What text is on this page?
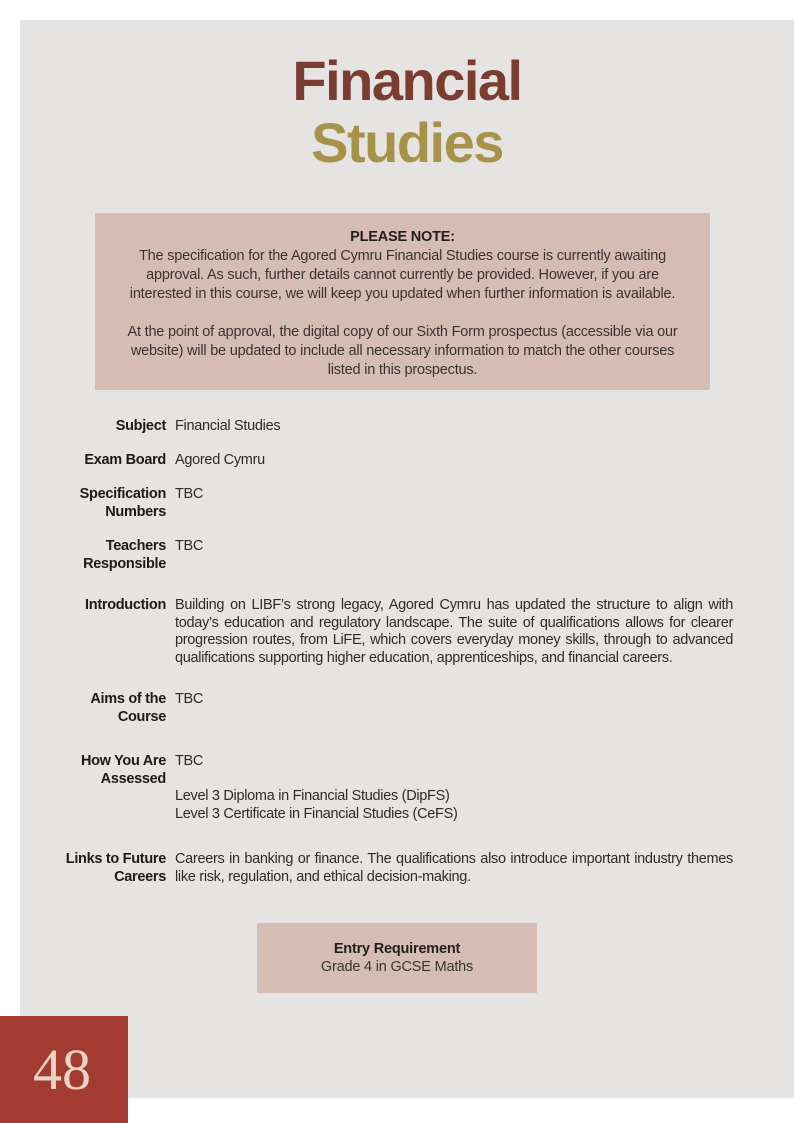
Financial
Studies
PLEASE NOTE:

The specification for the Agored Cymru Financial Studies course is currently awaiting approval. As such, further details cannot currently be provided. However, if you are interested in this course, we will keep you updated when further information is available.

At the point of approval, the digital copy of our Sixth Form prospectus (accessible via our website) will be updated to include all necessary information to match the other courses listed in this prospectus.

Subject Financial Studies
Exam Board Agored Cymru
Specification Numbers
TBC
Teachers Responsible
TBC
Introduction Building on LIBF’s strong legacy, Agored Cymru has updated the structure to align with today’s education and regulatory landscape. The suite of qualifications allows for clearer progression routes, from LiFE, which covers everyday money skills, through to advanced qualifications supporting higher education, apprenticeships, and financial careers.
Aims of the Course
TBC
How You Are Assessed
TBC
Level 3 Diploma in Financial Studies (DipFS)
Level 3 Certificate in Financial Studies (CeFS)
Links to Future Careers
Careers in banking or finance. The qualifications also introduce important industry themes like risk, regulation, and ethical decision-making.
Entry Requirement
Grade 4 in GCSE Maths
48
